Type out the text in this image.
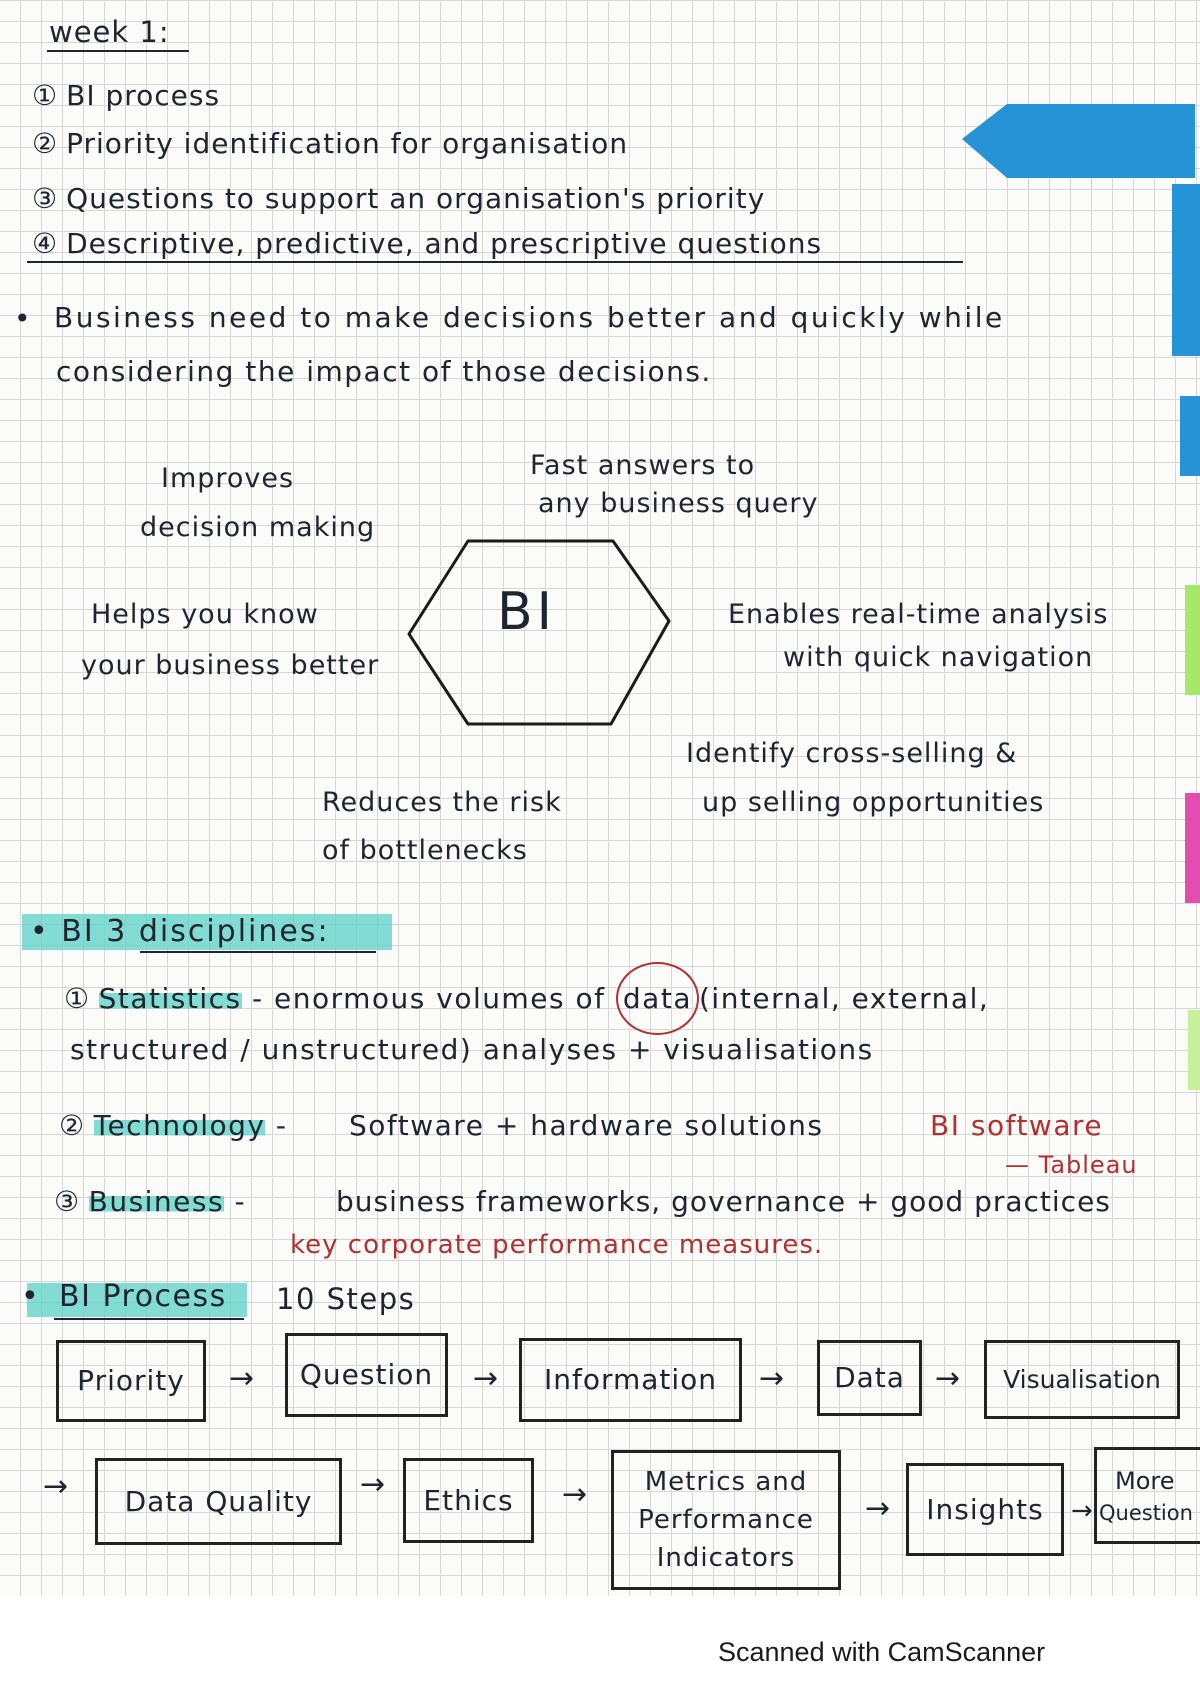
week 1:
① BI process
② Priority identification for organisation
③ Questions to support an organisation's priority
④ Descriptive, predictive, and prescriptive questions
• Business need to make decisions better and quickly while
considering the impact of those decisions.
Improves
decision making
Fast answers to
any business query
BI
Helps you know
your business better
Enables real-time analysis
with quick navigation
Identify cross-selling &
up selling opportunities
Reduces the risk
of bottlenecks
• BI 3 disciplines:
① Statistics - enormous volumes of data (internal, external,
structured / unstructured) analyses + visualisations
② Technology - Software + hardware solutions	BI software
— Tableau
③ Business -	business frameworks, governance + good practices
key corporate performance measures.
• BI Process 10 Steps
Priority → Question → Information → Data → Visualisation
→ Data Quality → Ethics → Metrics and
Performance
Indicators
→ Insights →
More
Question
Scanned with CamScanner
